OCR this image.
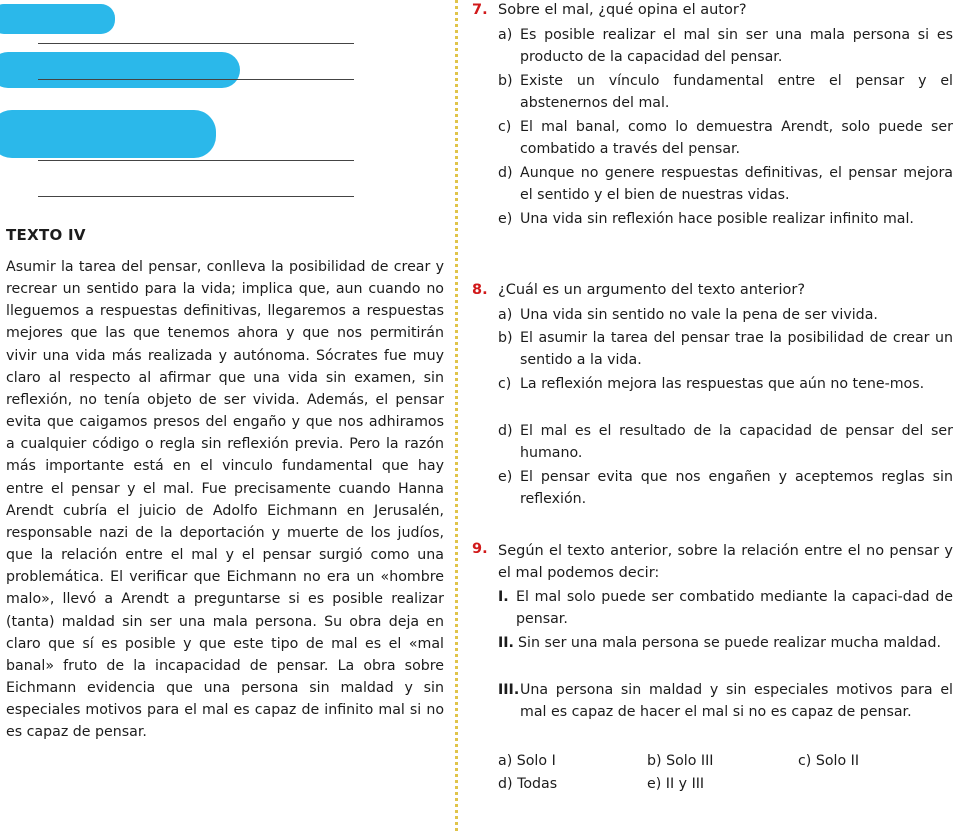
TEXTO IV

Asumir la tarea del pensar, conlleva la posibilidad de crear y recrear un sentido para la vida; implica que, aun cuando no lleguemos a respuestas definitivas, llegaremos a respuestas mejores que las que tenemos ahora y que nos permitirán vivir una vida más realizada y autónoma. Sócrates fue muy claro al respecto al afirmar que una vida sin examen, sin reflexión, no tenía objeto de ser vivida. Además, el pensar evita que caigamos presos del engaño y que nos adhiramos a cualquier código o regla sin reflexión previa. Pero la razón más importante está en el vinculo fundamental que hay entre el pensar y el mal. Fue precisamente cuando Hanna Arendt cubría el juicio de Adolfo Eichmann en Jerusalén, responsable nazi de la deportación y muerte de los judíos, que la relación entre el mal y el pensar surgió como una problemática. El verificar que Eichmann no era un «hombre malo», llevó a Arendt a preguntarse si es posible realizar (tanta) maldad sin ser una mala persona. Su obra deja en claro que sí es posible y que este tipo de mal es el «mal banal» fruto de la incapacidad de pensar. La obra sobre Eichmann evidencia que una persona sin maldad y sin especiales motivos para el mal es capaz de infinito mal si no es capaz de pensar.

7. Sobre el mal, ¿qué opina el autor?
a) Es posible realizar el mal sin ser una mala persona si es producto de la capacidad del pensar.
b) Existe un vínculo fundamental entre el pensar y el abstenernos del mal.
c) El mal banal, como lo demuestra Arendt, solo puede ser combatido a través del pensar.
d) Aunque no genere respuestas definitivas, el pensar mejora el sentido y el bien de nuestras vidas.
e) Una vida sin reflexión hace posible realizar infinito mal.
8. ¿Cuál es un argumento del texto anterior?
a) Una vida sin sentido no vale la pena de ser vivida.
b) El asumir la tarea del pensar trae la posibilidad de crear un sentido a la vida.
c) La reflexión mejora las respuestas que aún no tene-mos.
d) El mal es el resultado de la capacidad de pensar del ser humano.
e) El pensar evita que nos engañen y aceptemos reglas sin reflexión.
9. Según el texto anterior, sobre la relación entre el no pensar y el mal podemos decir:
I. El mal solo puede ser combatido mediante la capaci-dad de pensar.
II. Sin ser una mala persona se puede realizar mucha maldad.
III. Una persona sin maldad y sin especiales motivos para el mal es capaz de hacer el mal si no es capaz de pensar.
a) Solo I	b) Solo III	c) Solo II
d) Todas	e) II y III
